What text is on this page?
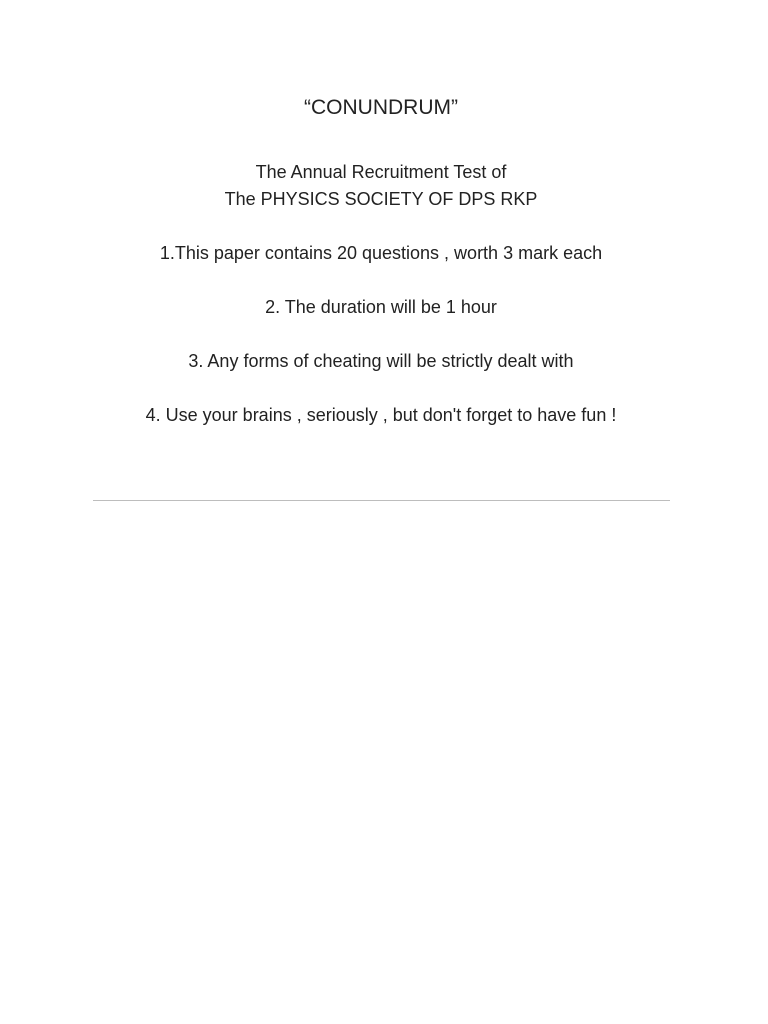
“CONUNDRUM”
The Annual Recruitment Test of
The PHYSICS SOCIETY OF DPS RKP
1.This paper contains 20 questions , worth 3 mark each
2. The duration will be 1 hour
3. Any forms of cheating will be strictly dealt with
4. Use your brains , seriously , but don't forget to have fun !
